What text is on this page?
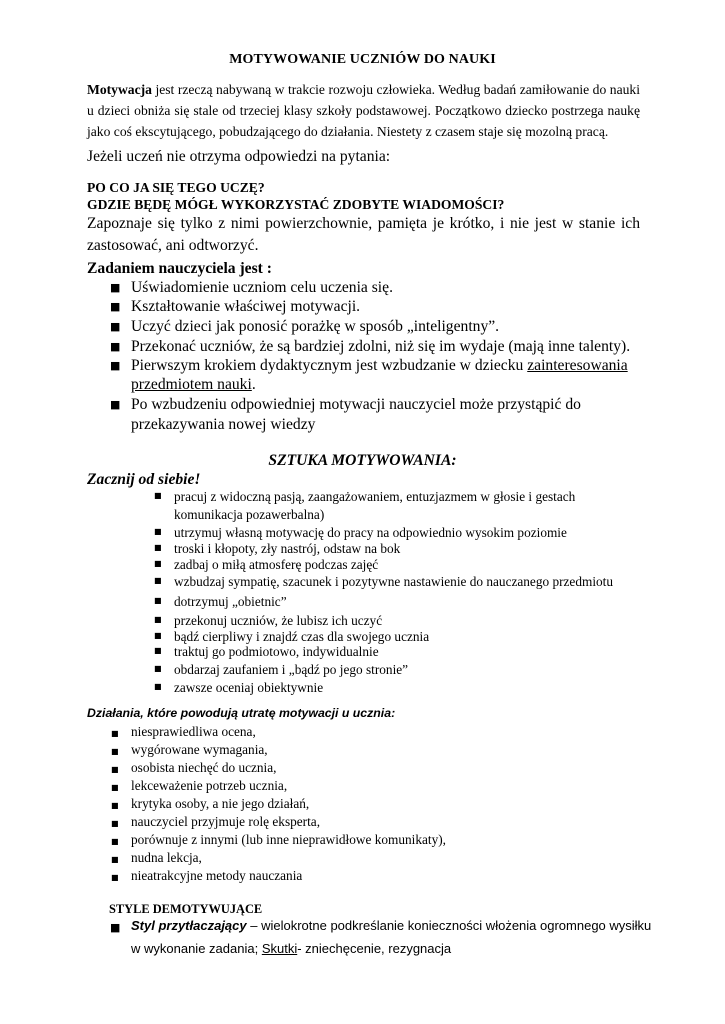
MOTYWOWANIE UCZNIÓW DO NAUKI
Motywacja jest rzeczą nabywaną w trakcie rozwoju człowieka. Według badań zamiłowanie do nauki u dzieci obniża się stale od trzeciej klasy szkoły podstawowej. Początkowo dziecko postrzega naukę jako coś ekscytującego, pobudzającego do działania. Niestety z czasem staje się mozolną pracą.
Jeżeli uczeń nie otrzyma odpowiedzi na pytania:
PO CO JA SIĘ TEGO UCZĘ?
GDZIE BĘDĘ MÓGŁ WYKORZYSTAĆ ZDOBYTE WIADOMOŚCI?
Zapoznaje się tylko z nimi powierzchownie, pamięta je krótko, i nie jest w stanie ich zastosować, ani odtworzyć.
Zadaniem nauczyciela jest :
■ Uświadomienie uczniom celu uczenia się.
■ Kształtowanie właściwej motywacji.
■ Uczyć dzieci jak ponosić porażkę w sposób „inteligentny”.
■ Przekonać uczniów, że są bardziej zdolni, niż się im wydaje (mają inne talenty).
■ Pierwszym krokiem dydaktycznym jest wzbudzanie w dziecku zainteresowania
przedmiotem nauki.
■ Po wzbudzeniu odpowiedniej motywacji nauczyciel może przystąpić do
przekazywania nowej wiedzy
SZTUKA MOTYWOWANIA:
Zacznij od siebie!
■ pracuj z widoczną pasją, zaangażowaniem, entuzjazmem w głosie i gestach
komunikacja pozawerbalna)
■ utrzymuj własną motywację do pracy na odpowiednio wysokim poziomie
■ troski i kłopoty, zły nastrój, odstaw na bok
■ zadbaj o miłą atmosferę podczas zajęć
■ wzbudzaj sympatię, szacunek i pozytywne nastawienie do nauczanego przedmiotu
■ dotrzymuj „obietnic”
■ przekonuj uczniów, że lubisz ich uczyć
■ bądź cierpliwy i znajdź czas dla swojego ucznia
■ traktuj go podmiotowo, indywidualnie
■ obdarzaj zaufaniem i „bądź po jego stronie”
■ zawsze oceniaj obiektywnie
Działania, które powodują utratę motywacji u ucznia:
■ niesprawiedliwa ocena,
■ wygórowane wymagania,
■ osobista niechęć do ucznia,
■ lekceważenie potrzeb ucznia,
■ krytyka osoby, a nie jego działań,
■ nauczyciel przyjmuje rolę eksperta,
■ porównuje z innymi (lub inne nieprawidłowe komunikaty),
■ nudna lekcja,
■ nieatrakcyjne metody nauczania
STYLE DEMOTYWUJĄCE
■ Styl przytłaczający – wielokrotne podkreślanie konieczności włożenia ogromnego wysiłku
w wykonanie zadania; Skutki- zniechęcenie, rezygnacja
